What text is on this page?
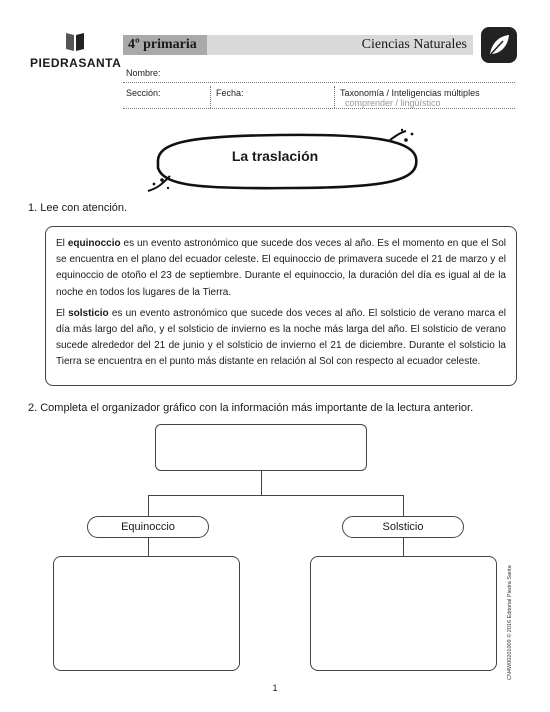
PIEDRASANTA
4º primaria	Ciencias Naturales
Nombre:
Sección:	Fecha:	Taxonomía / Inteligencias múltiples
comprender / lingüístico
La traslación
1. Lee con atención.

El equinoccio es un evento astronómico que sucede dos veces al año. Es el momento en que el Sol se encuentra en el plano del ecuador celeste. El equinoccio de primavera sucede el 21 de marzo y el equinoccio de otoño el 23 de septiembre. Durante el equinoccio, la duración del día es igual al de la noche en todos los lugares de la Tierra.

El solsticio es un evento astronómico que sucede dos veces al año. El solsticio de verano marca el día más largo del año, y el solsticio de invierno es la noche más larga del año. El solsticio de verano sucede alrededor del 21 de junio y el solsticio de invierno el 21 de diciembre. Durante el solsticio la Tierra se encuentra en el punto más distante en relación al Sol con respecto al ecuador celeste.

2. Completa el organizador gráfico con la información más importante de la lectura anterior.
Equinoccio	Solsticio
1
CN4W00201009 © 2016 Editorial Piedra Santa
